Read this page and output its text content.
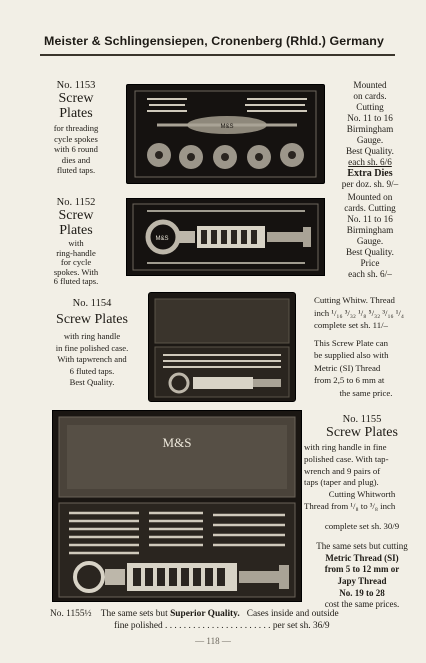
Meister & Schlingensiepen, Cronenberg (Rhld.) Germany
No. 1153
Screw
Plates
for threading
cycle spokes
with 6 round
dies and
fluted taps.
M&S
Mounted
on cards.
Cutting
No. 11 to 16
Birmingham
Gauge.
Best Quality.
each sh. 6/6
Extra Dies
per doz. sh. 9/–
No. 1152
Screw
Plates
with
ring-handle
for cycle
spokes. With
6 fluted taps.
M&S
Mounted on
cards. Cutting
No. 11 to 16
Birmingham
Gauge.
Best Quality.
Price
each sh. 6/–
No. 1154
Screw Plates
with ring handle
in fine polished case.
With tapwrench and
6 fluted taps.
Best Quality.
Cutting Whitw. Thread
inch ¹/₁₆ ³/₃₂ ¹/₈ ⁵/₃₂ ³/₁₆ ¹/₄
complete set sh. 11/–
This Screw Plate can
be supplied also with
Metric (SI) Thread
from 2,5 to 6 mm at
the same price.
M&S
No. 1155
Screw Plates
with ring handle in fine
polished case. With tap-
wrench and 9 pairs of
taps (taper and plug).
Cutting Whitworth
Thread from ¹/₈ to ³/₈ inch
complete set sh. 30/9
The same sets but cutting
Metric Thread (SI)
from 5 to 12 mm or
Japy Thread
No. 19 to 28
cost the same prices.
No. 1155½ The same sets but Superior Quality. Cases inside and outside
fine polished . . . . . . . . . . . . . . . . . . . . . . . per set sh. 36/9
— 118 —
